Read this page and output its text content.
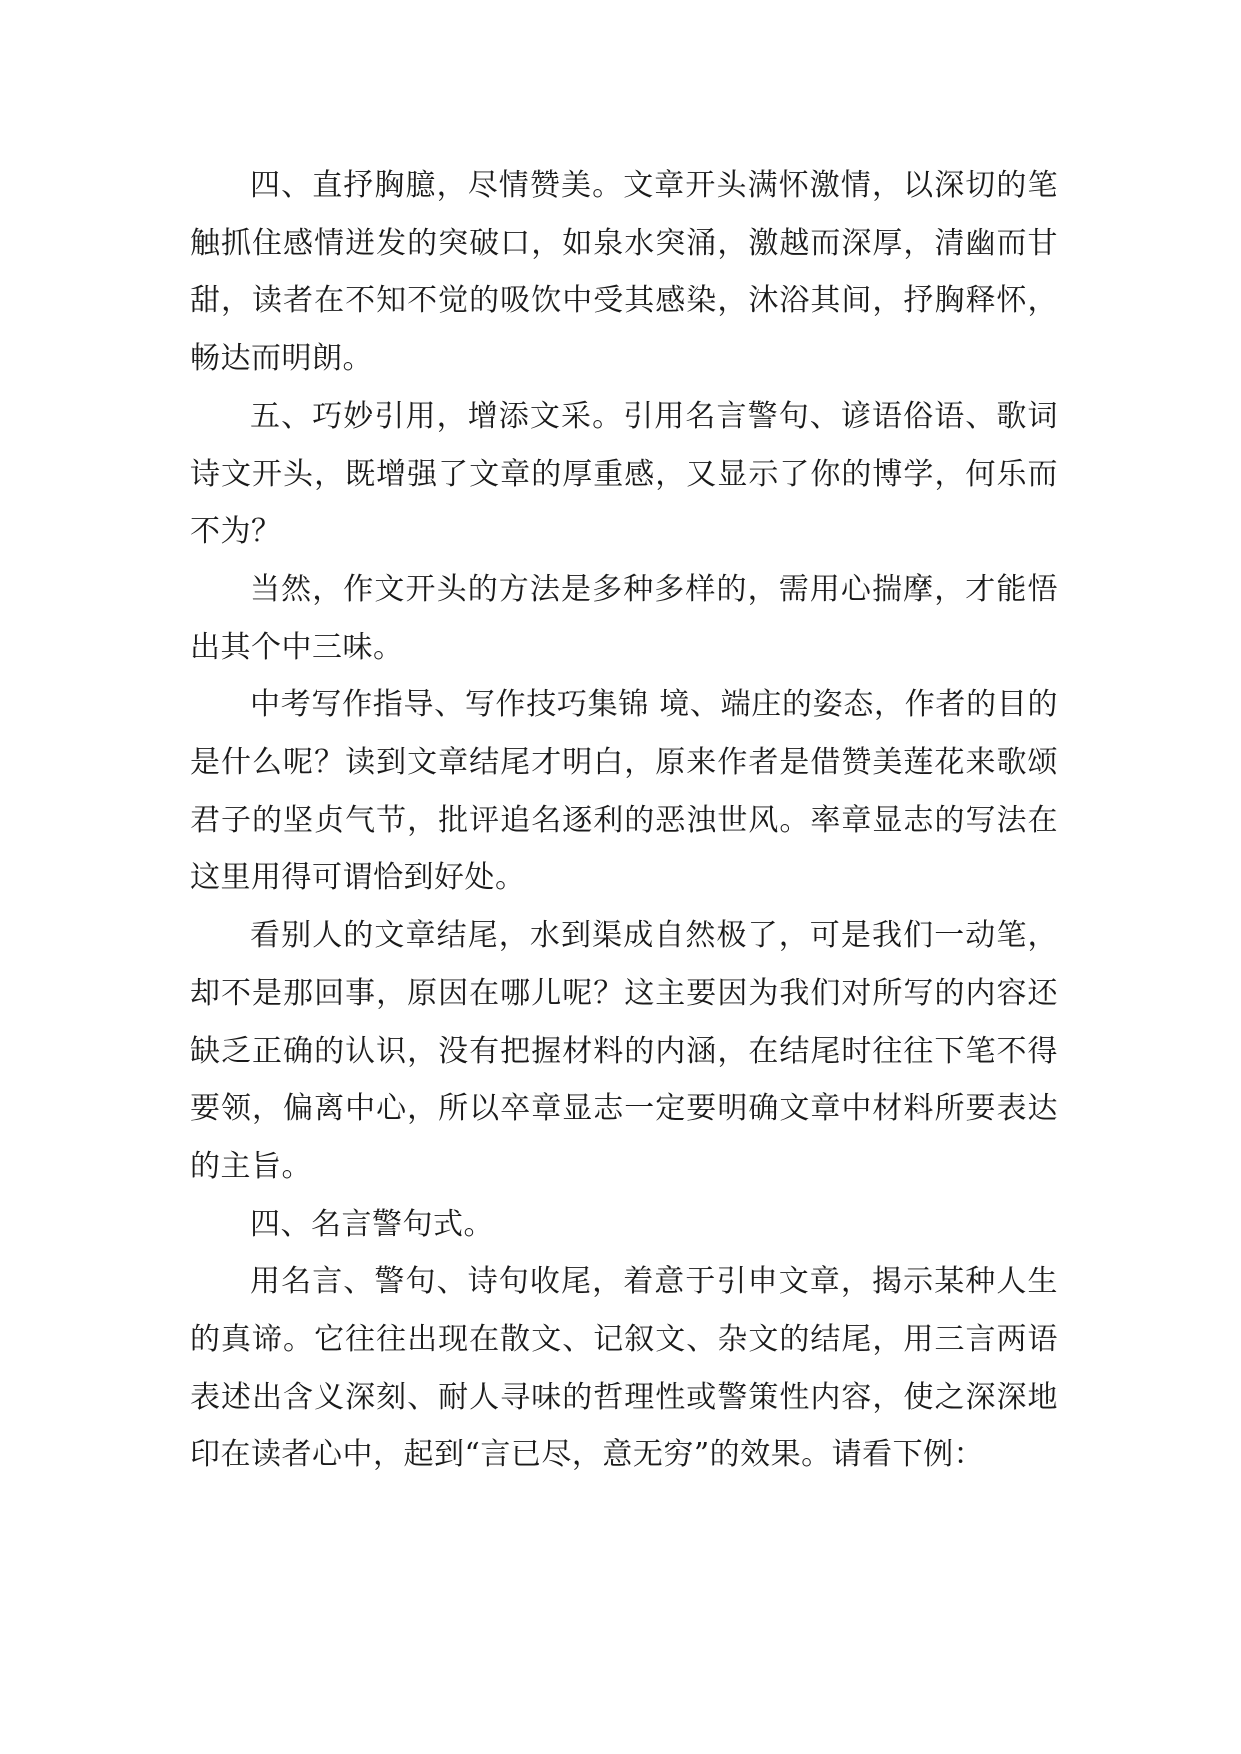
四、直抒胸臆，尽情赞美。文章开头满怀激情，以深切的笔触抓住感情迸发的突破口，如泉水突涌，激越而深厚，清幽而甘甜，读者在不知不觉的吸饮中受其感染，沐浴其间，抒胸释怀，畅达而明朗。

五、巧妙引用，增添文采。引用名言警句、谚语俗语、歌词诗文开头，既增强了文章的厚重感，又显示了你的博学，何乐而不为？

当然，作文开头的方法是多种多样的，需用心揣摩，才能悟出其个中三味。

中考写作指导、写作技巧集锦 境、端庄的姿态，作者的目的是什么呢？读到文章结尾才明白，原来作者是借赞美莲花来歌颂君子的坚贞气节，批评追名逐利的恶浊世风。率章显志的写法在这里用得可谓恰到好处。

看别人的文章结尾，水到渠成自然极了，可是我们一动笔，却不是那回事，原因在哪儿呢？这主要因为我们对所写的内容还缺乏正确的认识，没有把握材料的内涵，在结尾时往往下笔不得要领，偏离中心，所以卒章显志一定要明确文章中材料所要表达的主旨。

四、名言警句式。

用名言、警句、诗句收尾，着意于引申文章，揭示某种人生的真谛。它往往出现在散文、记叙文、杂文的结尾，用三言两语表述出含义深刻、耐人寻味的哲理性或警策性内容，使之深深地印在读者心中，起到“言已尽，意无穷”的效果。请看下例：
